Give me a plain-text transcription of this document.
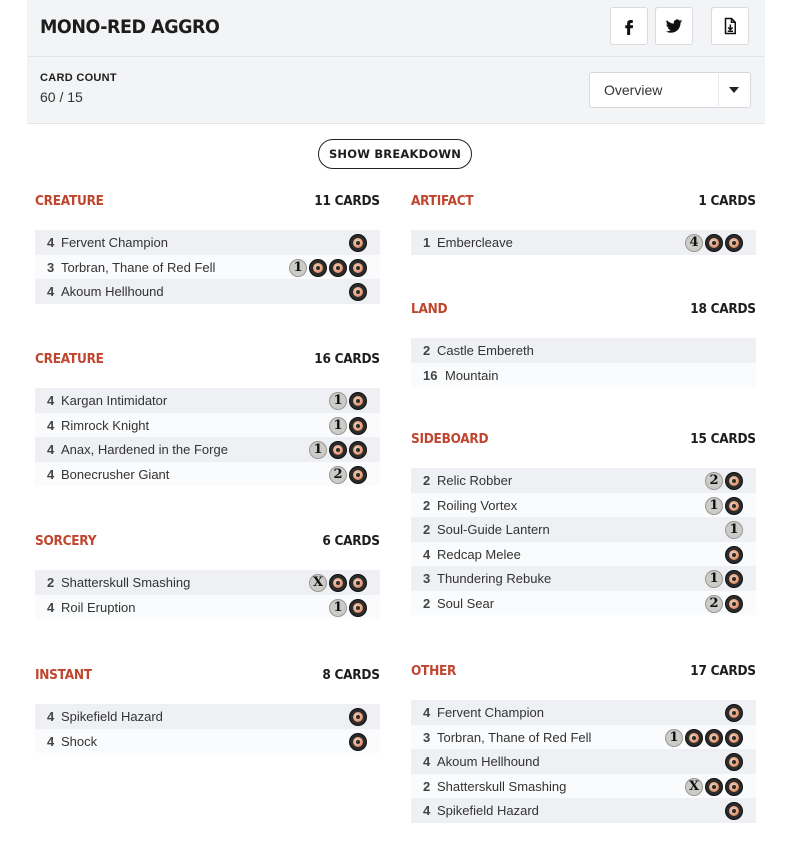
MONO-RED AGGRO
CARD COUNT
60 / 15	Overview
SHOW BREAKDOWN
CREATURE	11 CARDS
4 Fervent Champion
3 Torbran, Thane of Red Fell	1
4 Akoum Hellhound
CREATURE	16 CARDS
4 Kargan Intimidator	1
4 Rimrock Knight	1
4 Anax, Hardened in the Forge	1
4 Bonecrusher Giant	2
SORCERY	6 CARDS
2 Shatterskull Smashing	X
4 Roil Eruption	1
INSTANT	8 CARDS
4 Spikefield Hazard
4 Shock
ARTIFACT	1 CARDS
1 Embercleave	4
LAND	18 CARDS
2 Castle Embereth
16 Mountain
SIDEBOARD	15 CARDS
2 Relic Robber	2
2 Roiling Vortex	1
2 Soul-Guide Lantern	1
4 Redcap Melee
3 Thundering Rebuke	1
2 Soul Sear	2
OTHER	17 CARDS
4 Fervent Champion
3 Torbran, Thane of Red Fell	1
4 Akoum Hellhound
2 Shatterskull Smashing	X
4 Spikefield Hazard
